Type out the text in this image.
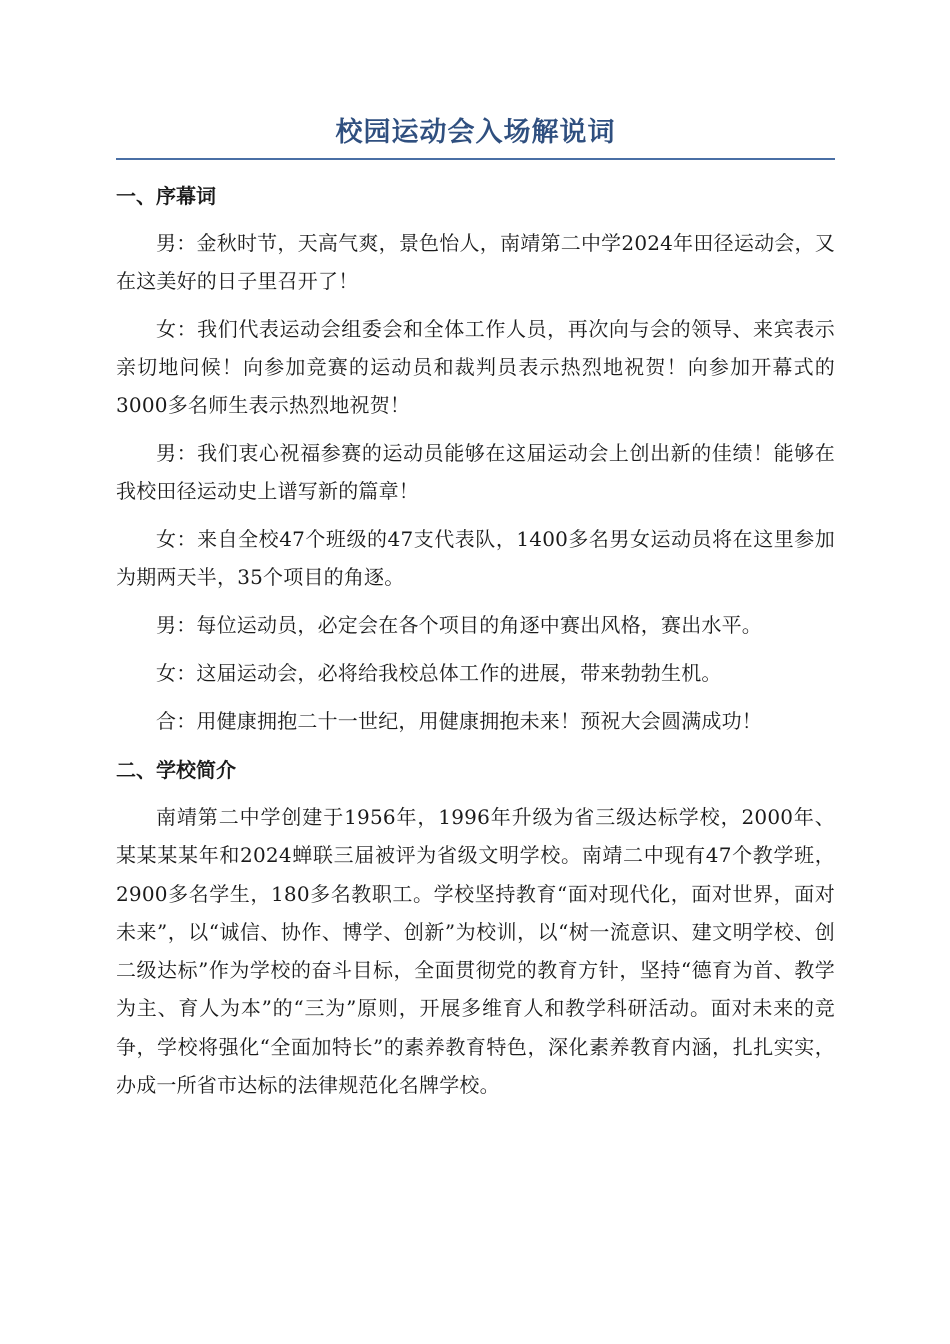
校园运动会入场解说词
一、序幕词

男：金秋时节，天高气爽，景色怡人，南靖第二中学2024年田径运动会，又在这美好的日子里召开了！

女：我们代表运动会组委会和全体工作人员，再次向与会的领导、来宾表示亲切地问候！向参加竞赛的运动员和裁判员表示热烈地祝贺！向参加开幕式的3000多名师生表示热烈地祝贺！

男：我们衷心祝福参赛的运动员能够在这届运动会上创出新的佳绩！能够在我校田径运动史上谱写新的篇章！

女：来自全校47个班级的47支代表队，1400多名男女运动员将在这里参加为期两天半，35个项目的角逐。

男：每位运动员，必定会在各个项目的角逐中赛出风格，赛出水平。

女：这届运动会，必将给我校总体工作的进展，带来勃勃生机。

合：用健康拥抱二十一世纪，用健康拥抱未来！预祝大会圆满成功！

二、学校简介

南靖第二中学创建于1956年，1996年升级为省三级达标学校，2000年、某某某某年和2024蝉联三届被评为省级文明学校。南靖二中现有47个教学班，2900多名学生，180多名教职工。学校坚持教育“面对现代化，面对世界，面对未来”，以“诚信、协作、博学、创新”为校训，以“树一流意识、建文明学校、创二级达标”作为学校的奋斗目标，全面贯彻党的教育方针，坚持“德育为首、教学为主、育人为本”的“三为”原则，开展多维育人和教学科研活动。面对未来的竞争，学校将强化“全面加特长”的素养教育特色，深化素养教育内涵，扎扎实实，办成一所省市达标的法律规范化名牌学校。
